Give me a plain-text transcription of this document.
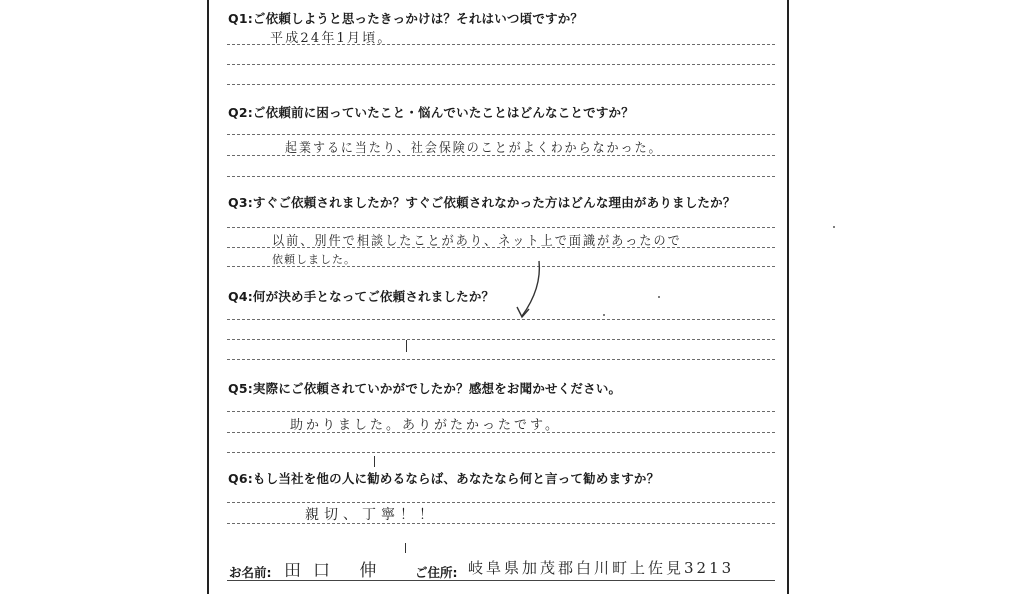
Q1:ご依頼しようと思ったきっかけは？それはいつ頃ですか？
平成24年1月頃。
Q2:ご依頼前に困っていたこと・悩んでいたことはどんなことですか？
起業するに当たり、社会保険のことがよくわからなかった。
Q3:すぐご依頼されましたか？すぐご依頼されなかった方はどんな理由がありましたか？
以前、別件で相談したことがあり、ネット上で面識があったので
依頼しました。
Q4:何が決め手となってご依頼されましたか？
Q5:実際にご依頼されていかがでしたか？感想をお聞かせください。
助かりました。ありがたかったです。
Q6:もし当社を他の人に勧めるならば、あなたなら何と言って勧めますか？
親切、丁寧！！
お名前: 田口 伸 ご住所: 岐阜県加茂郡白川町上佐見3213
